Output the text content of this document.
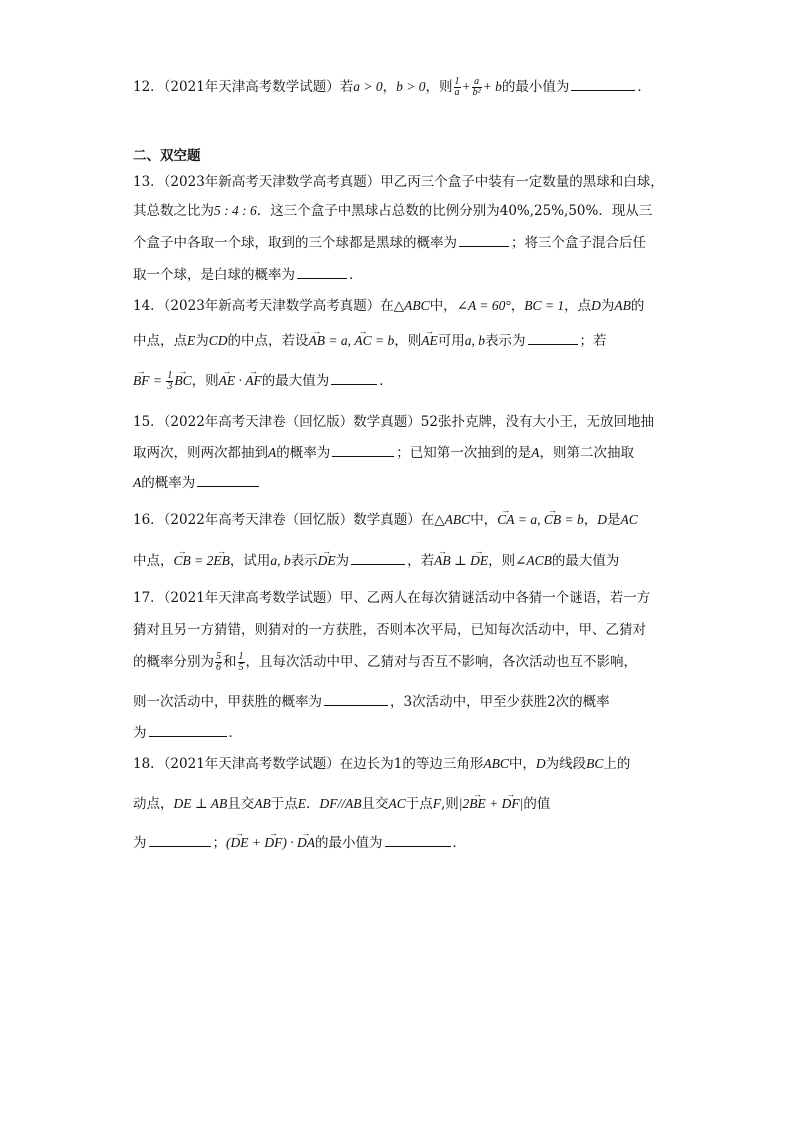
12．（2021年天津高考数学试题）若a > 0，b > 0，则 $\frac{1}{a} + \frac{a}{\text{b²}} + b$的最小值为	．
二、双空题
13．（2023年新高考天津数学高考真题）甲乙丙三个盒子中装有一定数量的黑球和白球，
其总数之比为5 : 4 : 6．这三个盒子中黑球占总数的比例分别为40%,25%,50%．现从三
个盒子中各取一个球，取到的三个球都是黑球的概率为	；将三个盒子混合后任
取一个球，是白球的概率为	．
14．（2023年新高考天津数学高考真题）在△ABC中，∠A = 60°，BC = 1，点D为AB的
中点，点E为CD的中点，若设→ AB = a, → AC = b，则→ AE可用a, b表示为	；若
→ BF = $\frac{1}{3}$
→ BC，则→ AE · → AF的最大值为	．
15．（2022年高考天津卷（回忆版）数学真题）52张扑克牌，没有大小王，无放回地抽
取两次，则两次都抽到A的概率为	；已知第一次抽到的是A，则第二次抽取
A的概率为
16．（2022年高考天津卷（回忆版）数学真题）在△ABC中，→ CA = a, → CB = b，D是AC
中点，→ CB = 2→ EB，试用a, b表示→ DE为	，若→ AB ⊥ → DE，则∠ACB的最大值为
17．（2021年天津高考数学试题）甲、乙两人在每次猜谜活动中各猜一个谜语，若一方
猜对且另一方猜错，则猜对的一方获胜，否则本次平局，已知每次活动中，甲、乙猜对
的概率分别为 $\frac{5}{6}$ 和 $\frac{1}{5}$ ，且每次活动中甲、乙猜对与否互不影响，各次活动也互不影响，
则一次活动中，甲获胜的概率为	，3次活动中，甲至少获胜2次的概率
为	．
18．（2021年天津高考数学试题）在边长为1的等边三角形ABC中，D为线段BC上的
动点，DE ⊥ AB且交AB于点E．DF//AB且交AC于点F,则|2→ BE + → DF|的值
为	；(→ DE + → DF) · → DA的最小值为	．
